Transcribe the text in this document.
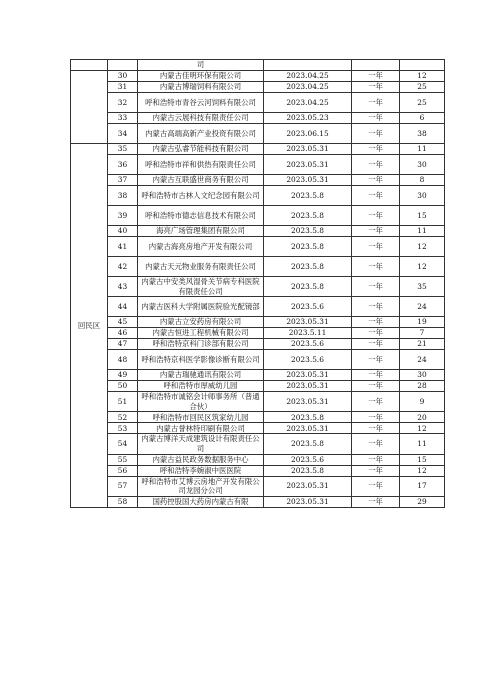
		司			
	30	内蒙古佳明环保有限公司	2023.04.25	一年	12
	31	内蒙古博瑞饲料有限公司	2023.04.25	一年	25
	32	呼和浩特市青谷云河饲料有限公司	2023.04.25	一年	25
	33	内蒙古云展科技有限责任公司	2023.05.23	一年	6
	34	内蒙古高端高新产业投资有限公司	2023.06.15	一年	38
回民区	35	内蒙古弘睿节能科技有限公司	2023.05.31	一年	11
	36	呼和浩特市祥和供热有限责任公司	2023.05.31	一年	30
	37	内蒙古互联盛世商务有限公司	2023.05.31	一年	8
	38	呼和浩特市古林人文纪念园有限公司	2023.5.8	一年	30
	39	呼和浩特市德志信息技术有限公司	2023.5.8	一年	15
	40	海亮广场管理集团有限公司	2023.5.8	一年	11
	41	内蒙古海亮房地产开发有限公司	2023.5.8	一年	12
	42	内蒙古天元物业服务有限责任公司	2023.5.8	一年	12
	43	内蒙古中安类风湿骨关节病专科医院有限责任公司	2023.5.8	一年	35
	44	内蒙古医科大学附属医院验光配镜部	2023.5.6	一年	24
	45	内蒙古立安药房有限公司	2023.05.31	一年	19
	46	内蒙古恒进工程机械有限公司	2023.5.11	一年	7
	47	呼和浩特京科门诊部有限公司	2023.5.6	一年	21
	48	呼和浩特京科医学影像诊断有限公司	2023.5.6	一年	24
	49	内蒙古瑞驰通讯有限公司	2023.05.31	一年	30
	50	呼和浩特市厚威幼儿园	2023.05.31	一年	28
	51	呼和浩特市诚铭会计师事务所（普通合伙）	2023.05.31	一年	9
	52	呼和浩特市回民区筑家幼儿园	2023.5.8	一年	20
	53	内蒙古誉林特印刷有限公司	2023.05.31	一年	12
	54	内蒙古博洋天成建筑设计有限责任公司	2023.5.8	一年	11
	55	内蒙古益民政务数据服务中心	2023.5.6	一年	15
	56	呼和浩特李婉淑中医医院	2023.5.8	一年	12
	57	呼和浩特市艾博云房地产开发有限公司龙园分公司	2023.05.31	一年	17
	58	国药控股国大药房内蒙古有限	2023.05.31	一年	29
